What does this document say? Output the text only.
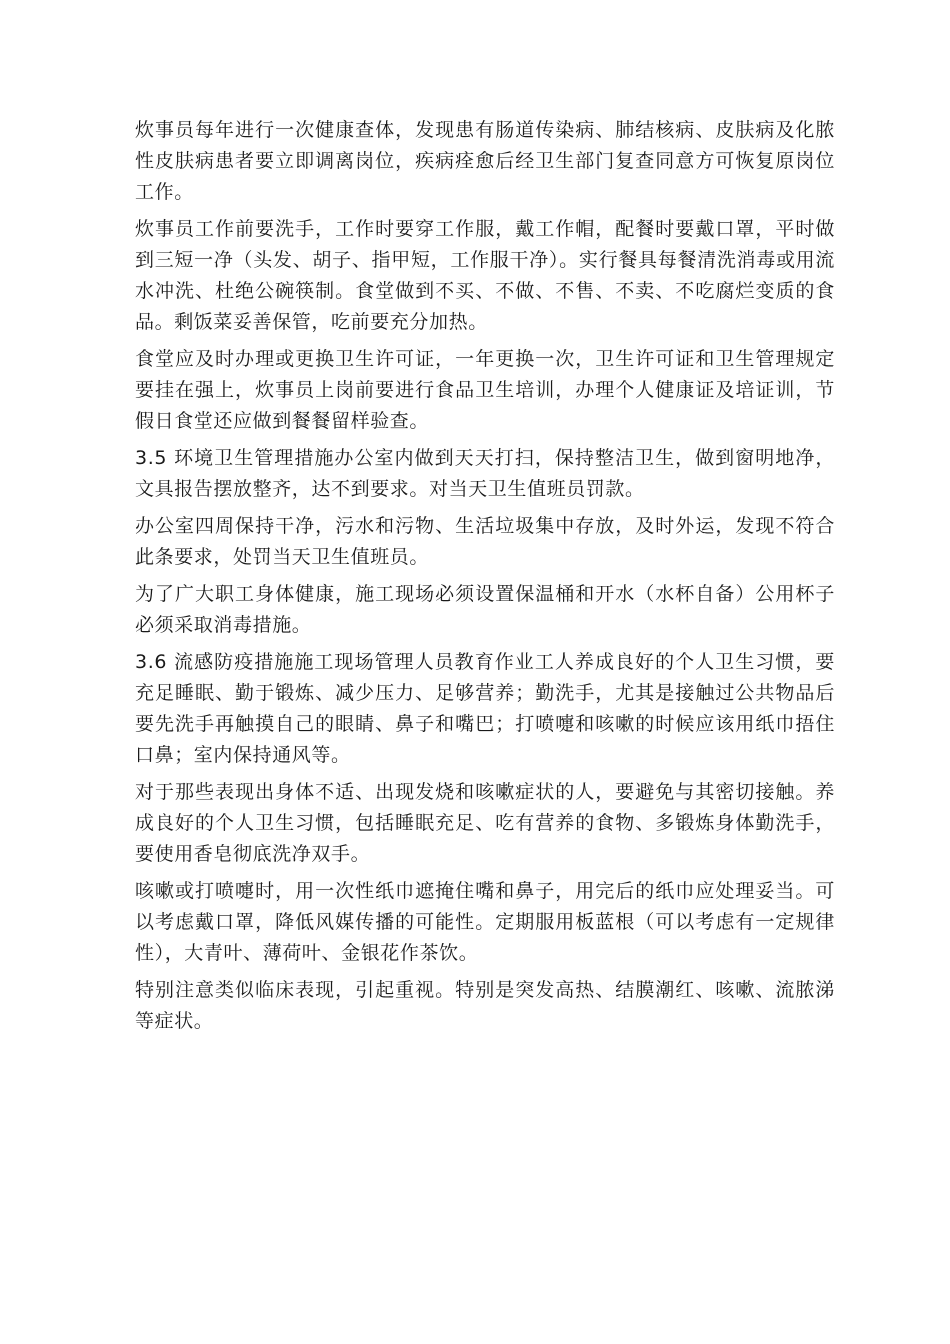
炊事员每年进行一次健康查体，发现患有肠道传染病、肺结核病、皮肤病及化脓性皮肤病患者要立即调离岗位，疾病痊愈后经卫生部门复查同意方可恢复原岗位工作。

炊事员工作前要洗手，工作时要穿工作服，戴工作帽，配餐时要戴口罩，平时做到三短一净（头发、胡子、指甲短，工作服干净）。实行餐具每餐清洗消毒或用流水冲洗、杜绝公碗筷制。食堂做到不买、不做、不售、不卖、不吃腐烂变质的食品。剩饭菜妥善保管，吃前要充分加热。

食堂应及时办理或更换卫生许可证，一年更换一次，卫生许可证和卫生管理规定要挂在强上，炊事员上岗前要进行食品卫生培训，办理个人健康证及培证训，节假日食堂还应做到餐餐留样验查。

3.5 环境卫生管理措施办公室内做到天天打扫，保持整洁卫生，做到窗明地净，文具报告摆放整齐，达不到要求。对当天卫生值班员罚款。

办公室四周保持干净，污水和污物、生活垃圾集中存放，及时外运，发现不符合此条要求，处罚当天卫生值班员。

为了广大职工身体健康，施工现场必须设置保温桶和开水（水杯自备）公用杯子必须采取消毒措施。

3.6 流感防疫措施施工现场管理人员教育作业工人养成良好的个人卫生习惯，要充足睡眠、勤于锻炼、减少压力、足够营养；勤洗手，尤其是接触过公共物品后要先洗手再触摸自己的眼睛、鼻子和嘴巴；打喷嚏和咳嗽的时候应该用纸巾捂住口鼻；室内保持通风等。

对于那些表现出身体不适、出现发烧和咳嗽症状的人，要避免与其密切接触。养成良好的个人卫生习惯，包括睡眠充足、吃有营养的食物、多锻炼身体勤洗手，要使用香皂彻底洗净双手。

咳嗽或打喷嚏时，用一次性纸巾遮掩住嘴和鼻子，用完后的纸巾应处理妥当。可以考虑戴口罩，降低风媒传播的可能性。定期服用板蓝根（可以考虑有一定规律性），大青叶、薄荷叶、金银花作茶饮。

特别注意类似临床表现，引起重视。特别是突发高热、结膜潮红、咳嗽、流脓涕等症状。
